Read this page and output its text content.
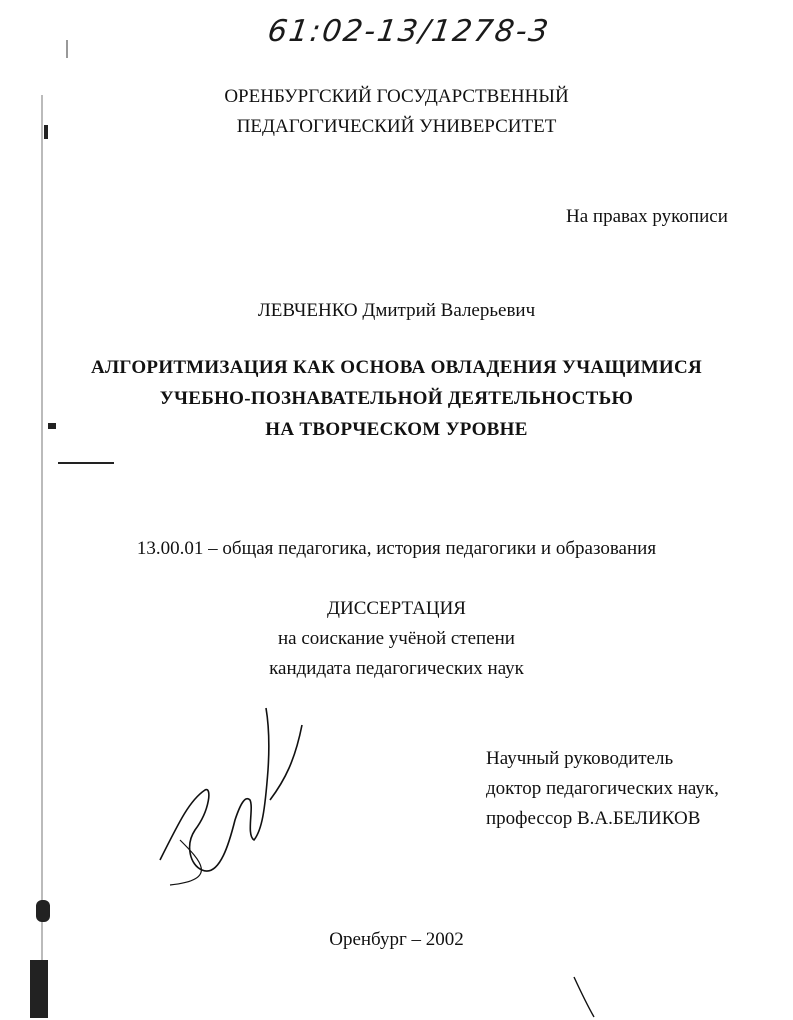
61:02-13/1278-3
ОРЕНБУРГСКИЙ ГОСУДАРСТВЕННЫЙ
ПЕДАГОГИЧЕСКИЙ УНИВЕРСИТЕТ
На правах рукописи
ЛЕВЧЕНКО Дмитрий Валерьевич
АЛГОРИТМИЗАЦИЯ КАК ОСНОВА ОВЛАДЕНИЯ УЧАЩИМИСЯ
УЧЕБНО-ПОЗНАВАТЕЛЬНОЙ ДЕЯТЕЛЬНОСТЬЮ
НА ТВОРЧЕСКОМ УРОВНЕ
13.00.01 – общая педагогика, история педагогики и образования
ДИССЕРТАЦИЯ
на соискание учёной степени
кандидата педагогических наук
Научный руководитель
доктор педагогических наук,
профессор В.А.БЕЛИКОВ
Оренбург – 2002
